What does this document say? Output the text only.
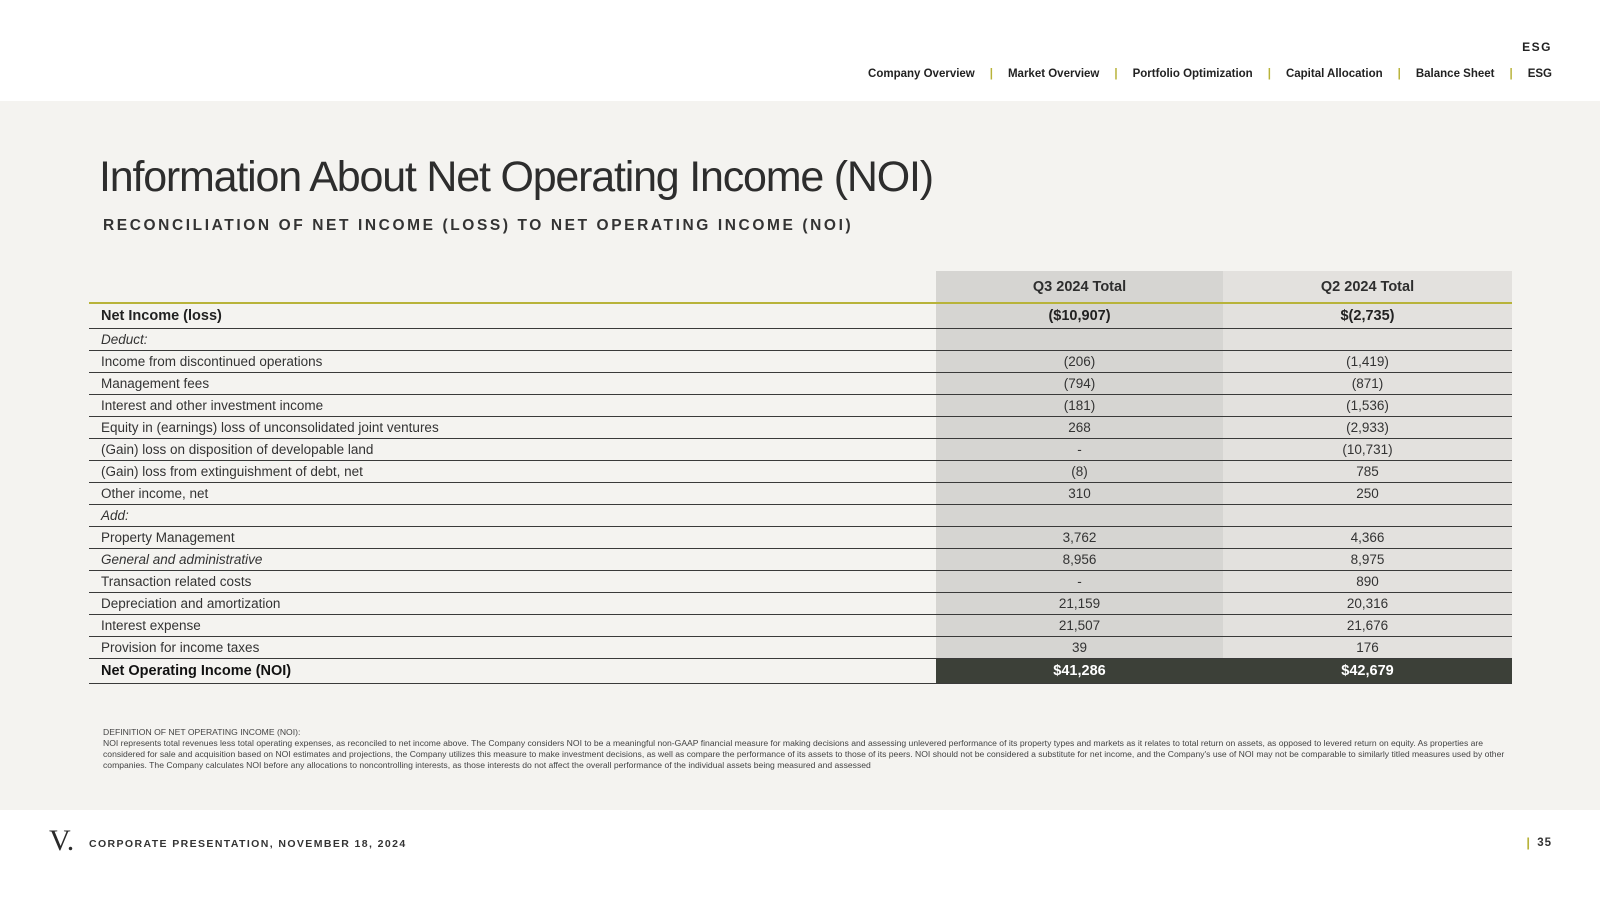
ESG
Company Overview | Market Overview | Portfolio Optimization | Capital Allocation | Balance Sheet | ESG
Information About Net Operating Income (NOI)
RECONCILIATION OF NET INCOME (LOSS) TO NET OPERATING INCOME (NOI)
	Q3 2024 Total	Q2 2024 Total
Net Income (loss)	($10,907)	$(2,735)
Deduct:		
Income from discontinued operations	(206)	(1,419)
Management fees	(794)	(871)
Interest and other investment income	(181)	(1,536)
Equity in (earnings) loss of unconsolidated joint ventures	268	(2,933)
(Gain) loss on disposition of developable land	-	(10,731)
(Gain) loss from extinguishment of debt, net	(8)	785
Other income, net	310	250
Add:		
Property Management	3,762	4,366
General and administrative	8,956	8,975
Transaction related costs	-	890
Depreciation and amortization	21,159	20,316
Interest expense	21,507	21,676
Provision for income taxes	39	176
Net Operating Income (NOI)	$41,286	$42,679
DEFINITION OF NET OPERATING INCOME (NOI):
NOI represents total revenues less total operating expenses, as reconciled to net income above. The Company considers NOI to be a meaningful non-GAAP financial measure for making decisions and assessing unlevered performance of its property types and markets as it relates to total return on assets, as opposed to levered return on equity. As properties are considered for sale and acquisition based on NOI estimates and projections, the Company utilizes this measure to make investment decisions, as well as compare the performance of its assets to those of its peers. NOI should not be considered a substitute for net income, and the Company's use of NOI may not be comparable to similarly titled measures used by other companies. The Company calculates NOI before any allocations to noncontrolling interests, as those interests do not affect the overall performance of the individual assets being measured and assessed
V. CORPORATE PRESENTATION, NOVEMBER 18, 2024	| 35
